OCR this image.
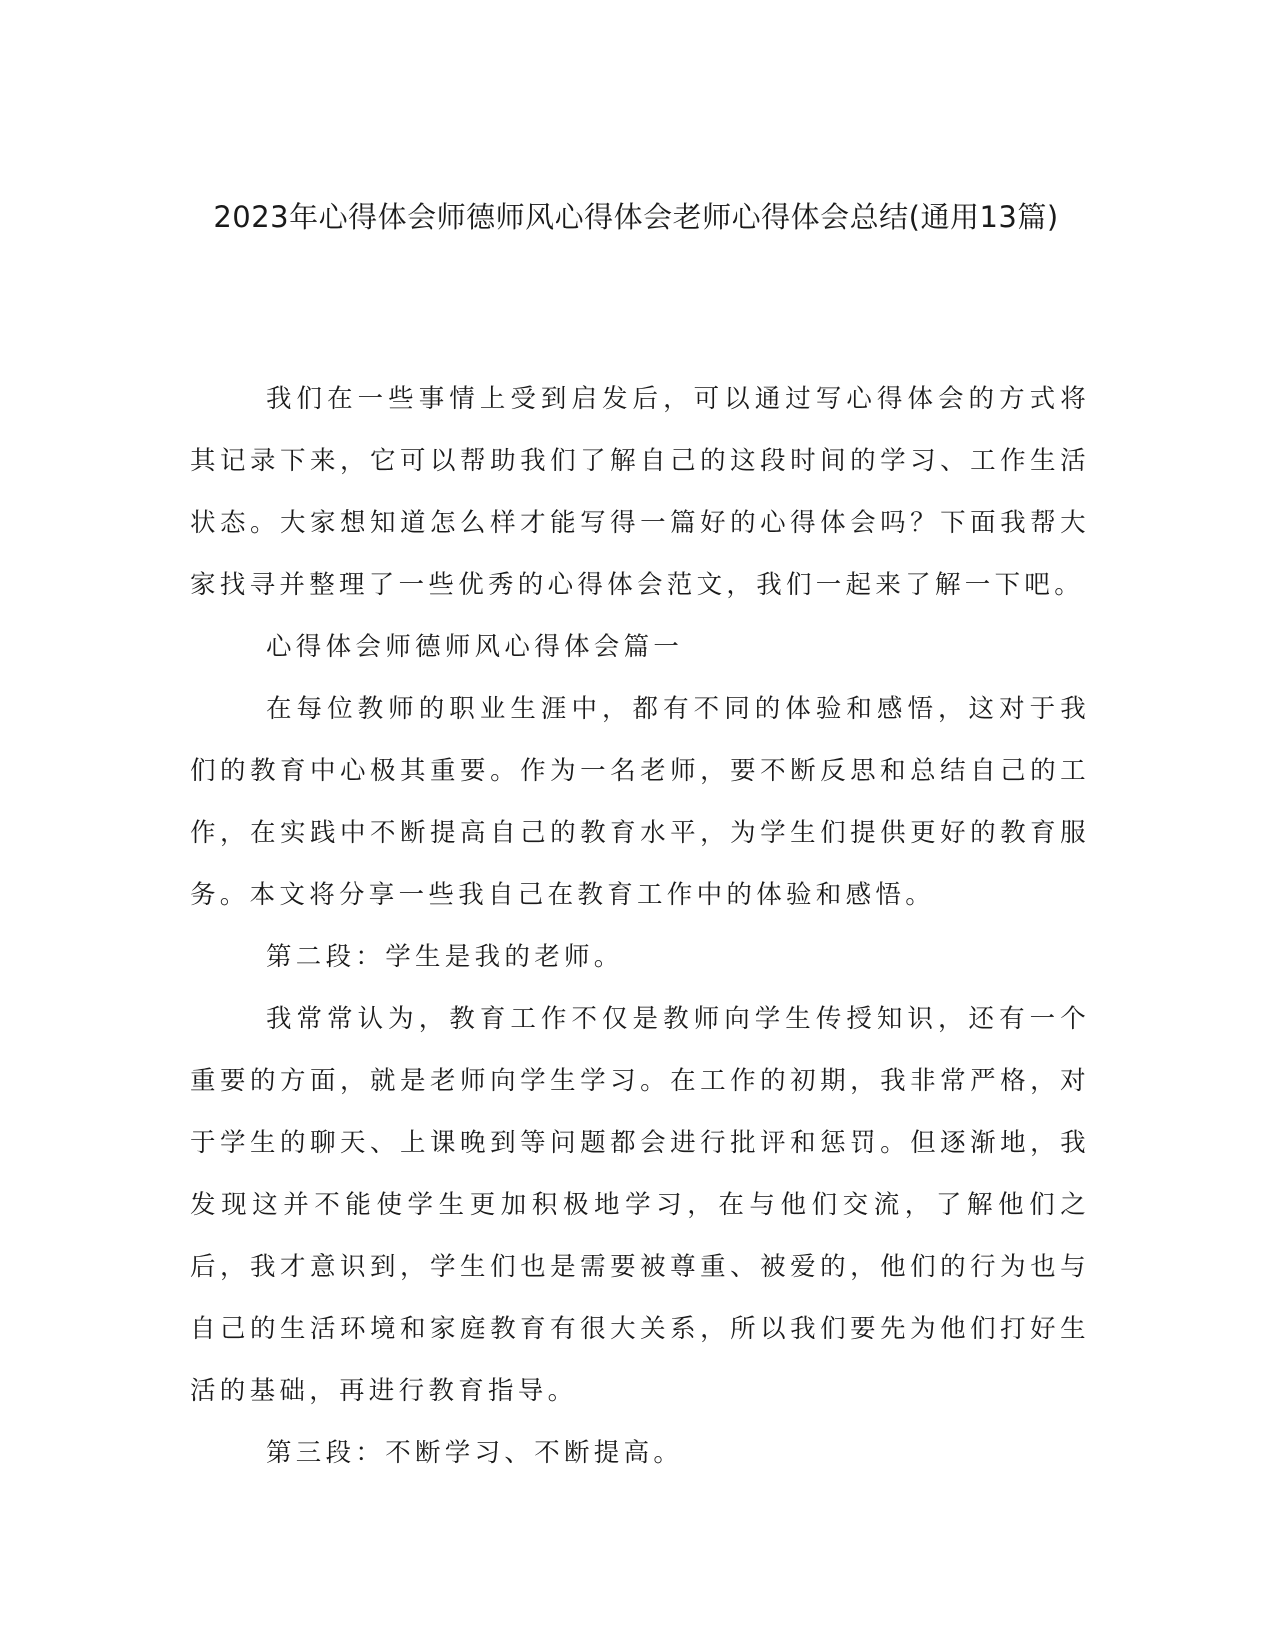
2023年心得体会师德师风心得体会老师心得体会总结(通用13篇)

我们在一些事情上受到启发后，可以通过写心得体会的方式将其记录下来，它可以帮助我们了解自己的这段时间的学习、工作生活状态。大家想知道怎么样才能写得一篇好的心得体会吗？下面我帮大家找寻并整理了一些优秀的心得体会范文，我们一起来了解一下吧。

心得体会师德师风心得体会篇一

在每位教师的职业生涯中，都有不同的体验和感悟，这对于我们的教育中心极其重要。作为一名老师，要不断反思和总结自己的工作，在实践中不断提高自己的教育水平，为学生们提供更好的教育服务。本文将分享一些我自己在教育工作中的体验和感悟。

第二段：学生是我的老师。

我常常认为，教育工作不仅是教师向学生传授知识，还有一个重要的方面，就是老师向学生学习。在工作的初期，我非常严格，对于学生的聊天、上课晚到等问题都会进行批评和惩罚。但逐渐地，我发现这并不能使学生更加积极地学习，在与他们交流，了解他们之后，我才意识到，学生们也是需要被尊重、被爱的，他们的行为也与自己的生活环境和家庭教育有很大关系，所以我们要先为他们打好生活的基础，再进行教育指导。

第三段：不断学习、不断提高。
